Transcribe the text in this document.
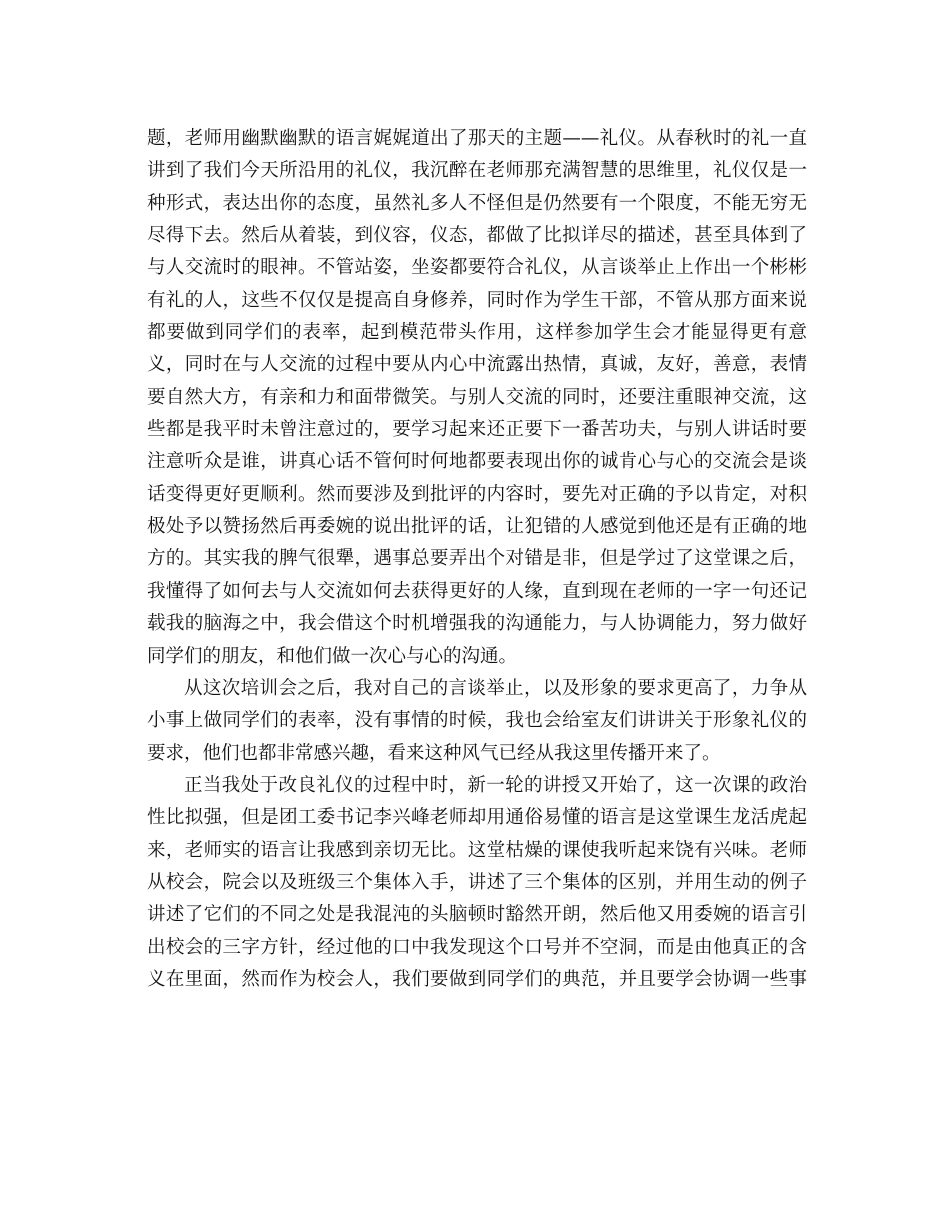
题，老师用幽默幽默的语言娓娓道出了那天的主题——礼仪。从春秋时的礼一直
讲到了我们今天所沿用的礼仪，我沉醉在老师那充满智慧的思维里，礼仪仅是一
种形式，表达出你的态度，虽然礼多人不怪但是仍然要有一个限度，不能无穷无
尽得下去。然后从着装，到仪容，仪态，都做了比拟详尽的描述，甚至具体到了
与人交流时的眼神。不管站姿，坐姿都要符合礼仪，从言谈举止上作出一个彬彬
有礼的人，这些不仅仅是提高自身修养，同时作为学生干部，不管从那方面来说
都要做到同学们的表率，起到模范带头作用，这样参加学生会才能显得更有意
义，同时在与人交流的过程中要从内心中流露出热情，真诚，友好，善意，表情
要自然大方，有亲和力和面带微笑。与别人交流的同时，还要注重眼神交流，这
些都是我平时未曾注意过的，要学习起来还正要下一番苦功夫，与别人讲话时要
注意听众是谁，讲真心话不管何时何地都要表现出你的诚肯心与心的交流会是谈
话变得更好更顺利。然而要涉及到批评的内容时，要先对正确的予以肯定，对积
极处予以赞扬然后再委婉的说出批评的话，让犯错的人感觉到他还是有正确的地
方的。其实我的脾气很犟，遇事总要弄出个对错是非，但是学过了这堂课之后，
我懂得了如何去与人交流如何去获得更好的人缘，直到现在老师的一字一句还记
载我的脑海之中，我会借这个时机增强我的沟通能力，与人协调能力，努力做好
同学们的朋友，和他们做一次心与心的沟通。
从这次培训会之后，我对自己的言谈举止，以及形象的要求更高了，力争从
小事上做同学们的表率，没有事情的时候，我也会给室友们讲讲关于形象礼仪的
要求，他们也都非常感兴趣，看来这种风气已经从我这里传播开来了。
正当我处于改良礼仪的过程中时，新一轮的讲授又开始了，这一次课的政治
性比拟强，但是团工委书记李兴峰老师却用通俗易懂的语言是这堂课生龙活虎起
来，老师实的语言让我感到亲切无比。这堂枯燥的课使我听起来饶有兴味。老师
从校会，院会以及班级三个集体入手，讲述了三个集体的区别，并用生动的例子
讲述了它们的不同之处是我混沌的头脑顿时豁然开朗，然后他又用委婉的语言引
出校会的三字方针，经过他的口中我发现这个口号并不空洞，而是由他真正的含
义在里面，然而作为校会人，我们要做到同学们的典范，并且要学会协调一些事
